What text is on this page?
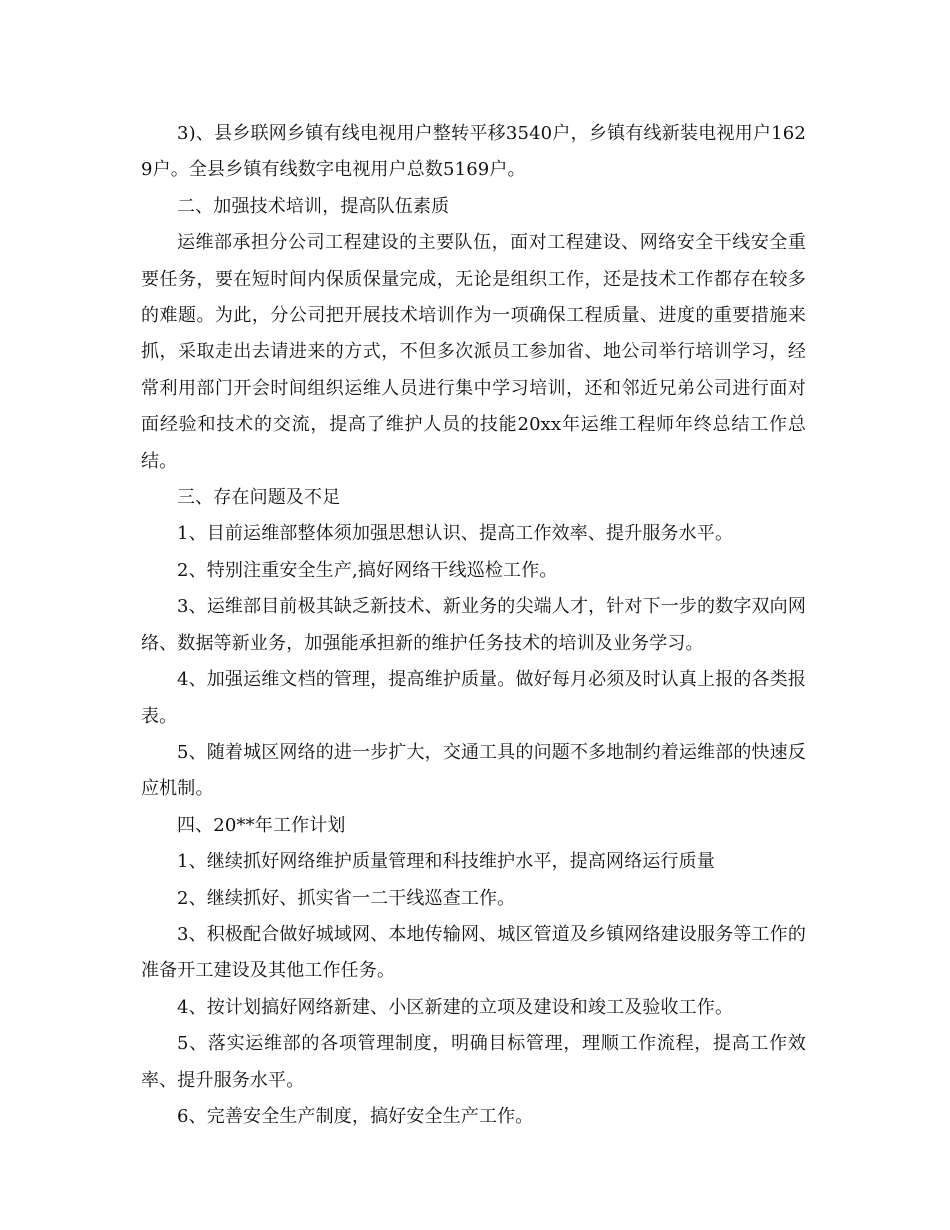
3)、县乡联网乡镇有线电视用户整转平移3540户，乡镇有线新装电视用户1629户。全县乡镇有线数字电视用户总数5169户。

二、加强技术培训，提高队伍素质

运维部承担分公司工程建设的主要队伍，面对工程建设、网络安全干线安全重要任务，要在短时间内保质保量完成，无论是组织工作，还是技术工作都存在较多的难题。为此，分公司把开展技术培训作为一项确保工程质量、进度的重要措施来抓，采取走出去请进来的方式，不但多次派员工参加省、地公司举行培训学习，经常利用部门开会时间组织运维人员进行集中学习培训，还和邻近兄弟公司进行面对面经验和技术的交流，提高了维护人员的技能20xx年运维工程师年终总结工作总结。

三、存在问题及不足

1、目前运维部整体须加强思想认识、提高工作效率、提升服务水平。

2、特别注重安全生产,搞好网络干线巡检工作。

3、运维部目前极其缺乏新技术、新业务的尖端人才，针对下一步的数字双向网络、数据等新业务，加强能承担新的维护任务技术的培训及业务学习。

4、加强运维文档的管理，提高维护质量。做好每月必须及时认真上报的各类报表。

5、随着城区网络的进一步扩大，交通工具的问题不多地制约着运维部的快速反应机制。

四、20**年工作计划

1、继续抓好网络维护质量管理和科技维护水平，提高网络运行质量

2、继续抓好、抓实省一二干线巡查工作。

3、积极配合做好城域网、本地传输网、城区管道及乡镇网络建设服务等工作的准备开工建设及其他工作任务。

4、按计划搞好网络新建、小区新建的立项及建设和竣工及验收工作。

5、落实运维部的各项管理制度，明确目标管理，理顺工作流程，提高工作效率、提升服务水平。

6、完善安全生产制度，搞好安全生产工作。
